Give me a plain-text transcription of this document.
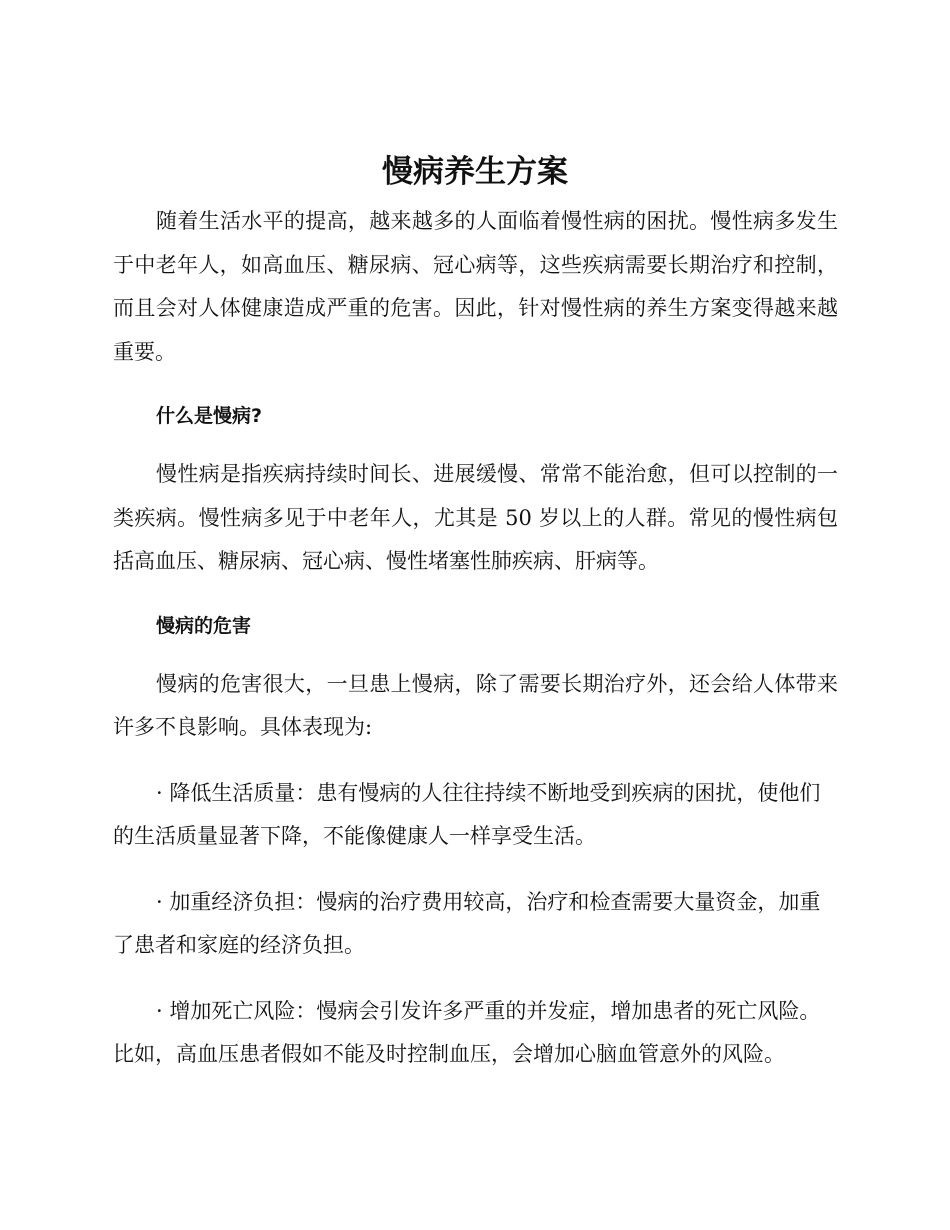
慢病养生方案

随着生活水平的提高，越来越多的人面临着慢性病的困扰。慢性病多发生于中老年人，如高血压、糖尿病、冠心病等，这些疾病需要长期治疗和控制，而且会对人体健康造成严重的危害。因此，针对慢性病的养生方案变得越来越重要。

什么是慢病?

慢性病是指疾病持续时间长、进展缓慢、常常不能治愈，但可以控制的一类疾病。慢性病多见于中老年人，尤其是 50 岁以上的人群。常见的慢性病包括高血压、糖尿病、冠心病、慢性堵塞性肺疾病、肝病等。

慢病的危害

慢病的危害很大，一旦患上慢病，除了需要长期治疗外，还会给人体带来许多不良影响。具体表现为:

· 降低生活质量：患有慢病的人往往持续不断地受到疾病的困扰，使他们的生活质量显著下降，不能像健康人一样享受生活。

· 加重经济负担：慢病的治疗费用较高，治疗和检查需要大量资金，加重了患者和家庭的经济负担。

· 增加死亡风险：慢病会引发许多严重的并发症，增加患者的死亡风险。比如，高血压患者假如不能及时控制血压，会增加心脑血管意外的风险。
